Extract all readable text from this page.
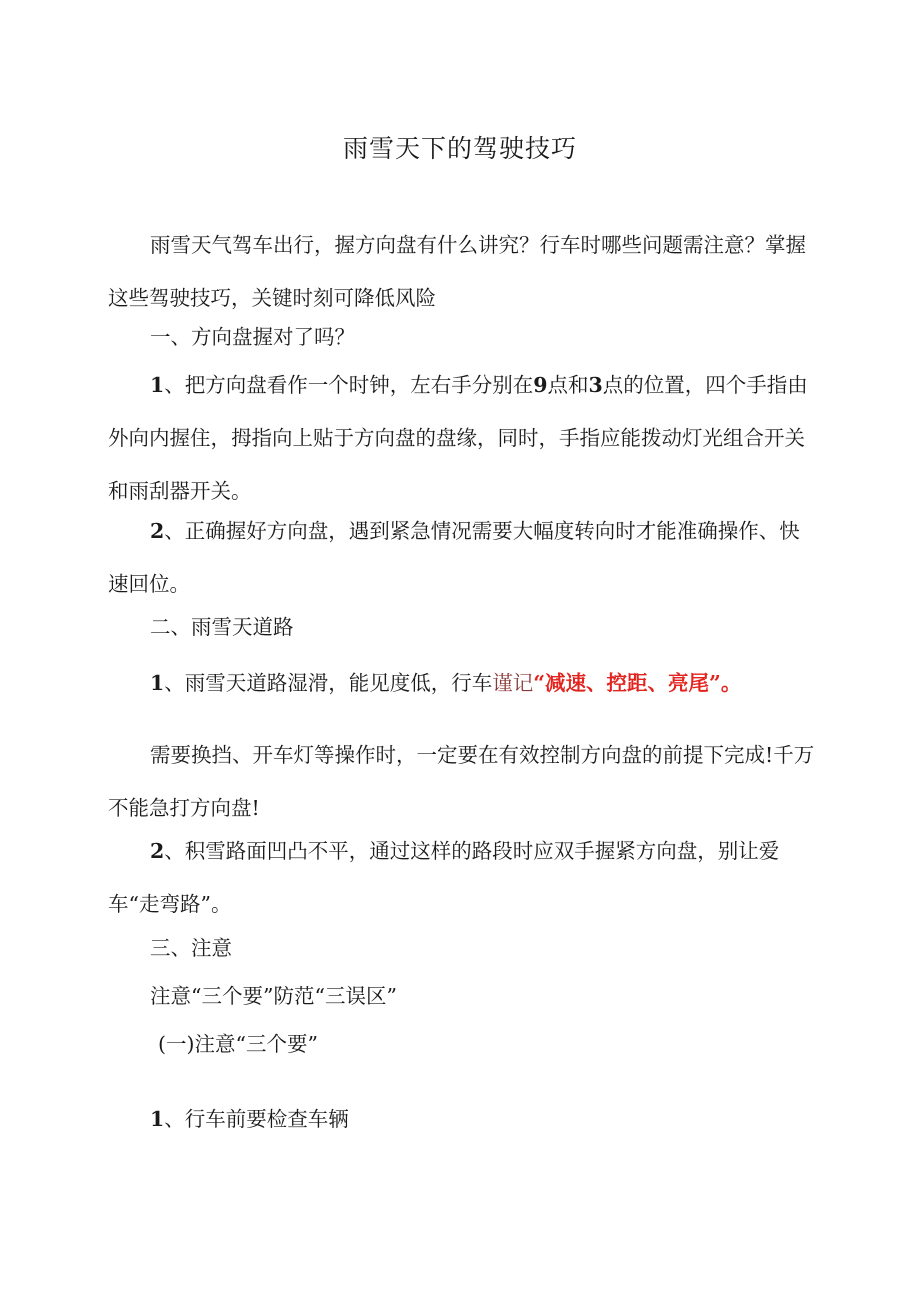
雨雪天下的驾驶技巧

雨雪天气驾车出行，握方向盘有什么讲究？行车时哪些问题需注意？掌握这些驾驶技巧，关键时刻可降低风险

一、方向盘握对了吗？

1、把方向盘看作一个时钟，左右手分别在9点和3点的位置，四个手指由外向内握住，拇指向上贴于方向盘的盘缘，同时，手指应能拨动灯光组合开关和雨刮器开关。

2、正确握好方向盘，遇到紧急情况需要大幅度转向时才能准确操作、快速回位。

二、雨雪天道路

1、雨雪天道路湿滑，能见度低，行车谨记“减速、控距、亮尾”。

需要换挡、开车灯等操作时，一定要在有效控制方向盘的前提下完成!千万不能急打方向盘!

2、积雪路面凹凸不平，通过这样的路段时应双手握紧方向盘，别让爱车“走弯路”。

三、注意

注意“三个要”防范“三误区”

(一)注意“三个要”

1、行车前要检查车辆
